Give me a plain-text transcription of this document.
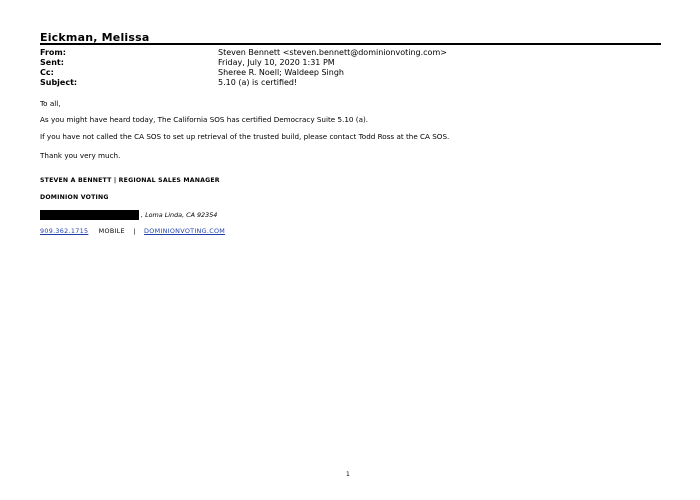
Eickman, Melissa
From:	Steven Bennett <steven.bennett@dominionvoting.com>
Sent:	Friday, July 10, 2020 1:31 PM
Cc:	Sheree R. Noell; Waldeep Singh
Subject:	5.10 (a) is certified!
To all,
As you might have heard today, The California SOS has certified Democracy Suite 5.10 (a).
If you have not called the CA SOS to set up retrieval of the trusted build, please contact Todd Ross at the CA SOS.
Thank you very much.
STEVEN A BENNETT | REGIONAL SALES MANAGER
DOMINION VOTING
, Loma Linda, CA 92354
909.362.1715 MOBILE | DOMINIONVOTING.COM
1
